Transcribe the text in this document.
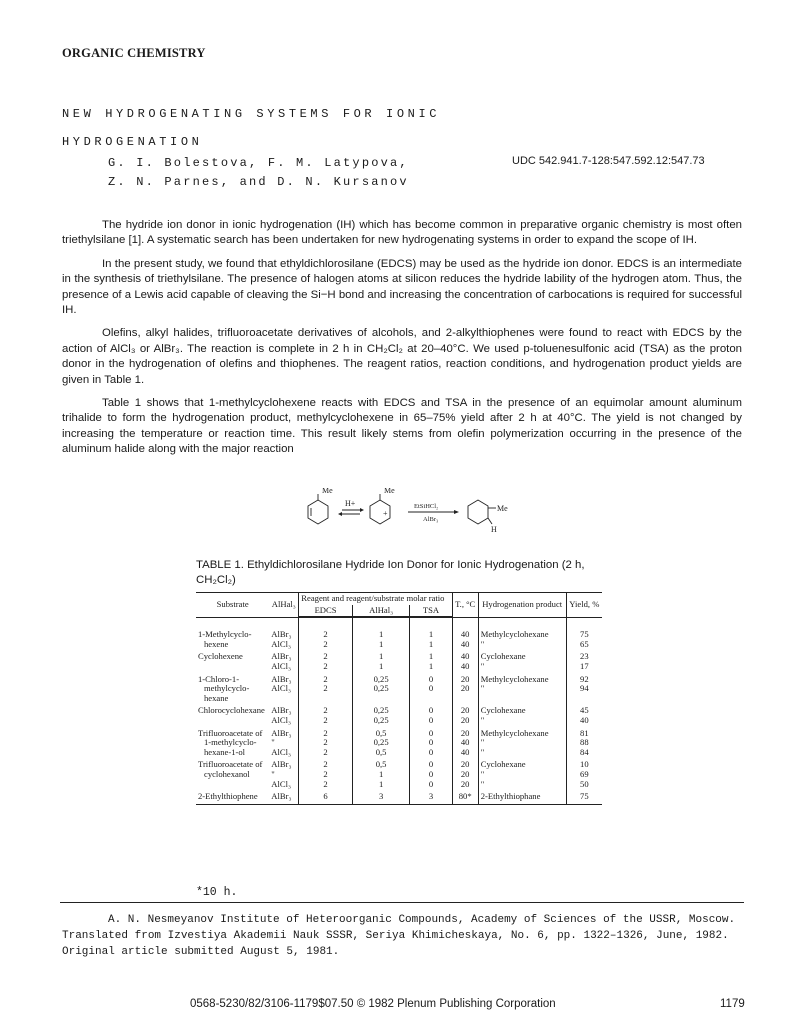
ORGANIC CHEMISTRY
NEW HYDROGENATING SYSTEMS FOR IONIC
HYDROGENATION
G. I. Bolestova, F. M. Latypova,
Z. N. Parnes, and D. N. Kursanov
UDC 542.941.7-128:547.592.12:547.73

The hydride ion donor in ionic hydrogenation (IH) which has become common in preparative organic chemistry is most often triethylsilane [1]. A systematic search has been undertaken for new hydrogenating systems in order to expand the scope of IH.

In the present study, we found that ethyldichlorosilane (EDCS) may be used as the hydride ion donor. EDCS is an intermediate in the synthesis of triethylsilane. The presence of halogen atoms at silicon reduces the hydride lability of the hydrogen atom. Thus, the presence of a Lewis acid capable of cleaving the Si−H bond and increasing the concentration of carbocations is required for successful IH.

Olefins, alkyl halides, trifluoroacetate derivatives of alcohols, and 2-alkylthiophenes were found to react with EDCS by the action of AlCl₃ or AlBr₃. The reaction is complete in 2 h in CH₂Cl₂ at 20–40°C. We used p-toluenesulfonic acid (TSA) as the proton donor in the hydrogenation of olefins and thiophenes. The reagent ratios, reaction conditions, and hydrogenation product yields are given in Table 1.

Table 1 shows that 1-methylcyclohexene reacts with EDCS and TSA in the presence of an equimolar amount aluminum trihalide to form the hydrogenation product, methylcyclohexene in 65–75% yield after 2 h at 40°C. The yield is not changed by increasing the temperature or reaction time. This result likely stems from olefin polymerization occurring in the presence of the aluminum halide along with the major reaction

Me	Me
+
H+	EtSiHCl₂
AlBr₃
Me
H
TABLE 1. Ethyldichlorosilane Hydride Ion Donor for Ionic Hydrogenation (2 h, CH₂Cl₂)
Substrate	AlHal₃	Reagent and reagent/substrate molar ratio			T., °C	Hydrogenation product	Yield, %
		EDCS	AlHal₃	TSA			

1-Methylcyclo-	AlBr₃	2	1	1	40	Methylcyclohexane	75
hexene	AlCl₃	2	1	1	40	"	65

Cyclohexene	AlBr₃	2	1	1	40	Cyclohexane	23
	AlCl₃	2	1	1	40	"	17

1-Chloro-1-	AlBr₃	2	0,25	0	20	Methylcyclohexane	92
methylcyclo-	AlCl₃	2	0,25	0	20	"	94
hexane							

Chlorocyclohexane	AlBr₃	2	0,25	0	20	Cyclohexane	45
	AlCl₃	2	0,25	0	20	"	40

Trifluoroacetate of	AlBr₃	2	0,5	0	20	Methylcyclohexane	81
1-methylcyclo-	"	2	0,25	0	40	"	88
hexane-1-ol	AlCl₃	2	0,5	0	40	"	84

Trifluoroacetate of	AlBr₃	2	0,5	0	20	Cyclohexane	10
cyclohexanol	"	2	1	0	20	"	69
	AlCl₃	2	1	0	20	"	50

2-Ethylthiophene	AlBr₃	6	3	3	80*	2-Ethylthiophane	75
*10 h.
A. N. Nesmeyanov Institute of Heteroorganic Compounds, Academy of Sciences of the USSR, Moscow.
Translated from Izvestiya Akademii Nauk SSSR, Seriya Khimicheskaya, No. 6, pp. 1322–1326, June, 1982.
Original article submitted August 5, 1981.
0568-5230/82/3106-1179$07.50 © 1982 Plenum Publishing Corporation	1179
